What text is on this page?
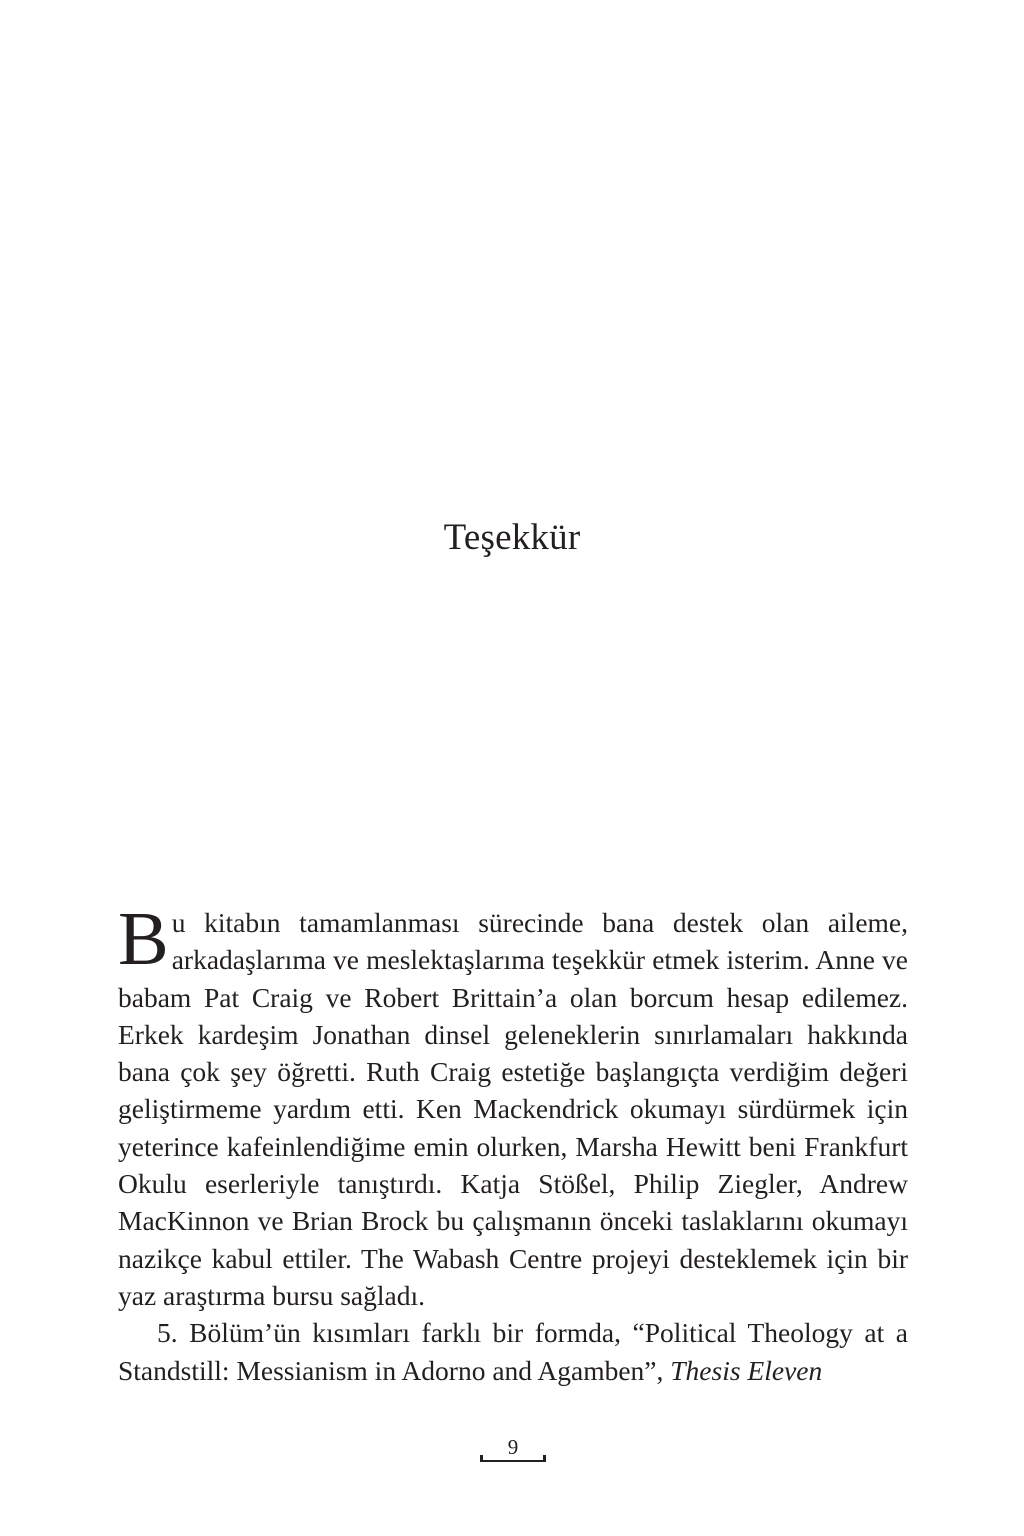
Teşekkür

Bu kitabın tamamlanması sürecinde bana destek olan aileme, arkadaşlarıma ve meslektaşlarıma teşekkür etmek isterim. Anne ve babam Pat Craig ve Robert Brittain’a olan borcum hesap edilemez. Erkek kardeşim Jonathan dinsel geleneklerin sınırlamaları hakkında bana çok şey öğretti. Ruth Craig estetiğe başlangıçta verdiğim değeri geliştirmeme yardım etti. Ken Mackendrick okumayı sürdürmek için yeterince kafeinlendiğime emin olurken, Marsha Hewitt beni Frankfurt Okulu eserleriyle tanıştırdı. Katja Stößel, Philip Ziegler, Andrew MacKinnon ve Brian Brock bu çalışmanın önceki taslaklarını okumayı nazikçe kabul ettiler. The Wabash Centre projeyi desteklemek için bir yaz araştırma bursu sağladı.

5. Bölüm’ün kısımları farklı bir formda, “Political Theology at a Standstill: Messianism in Adorno and Agamben”, Thesis Eleven

9
